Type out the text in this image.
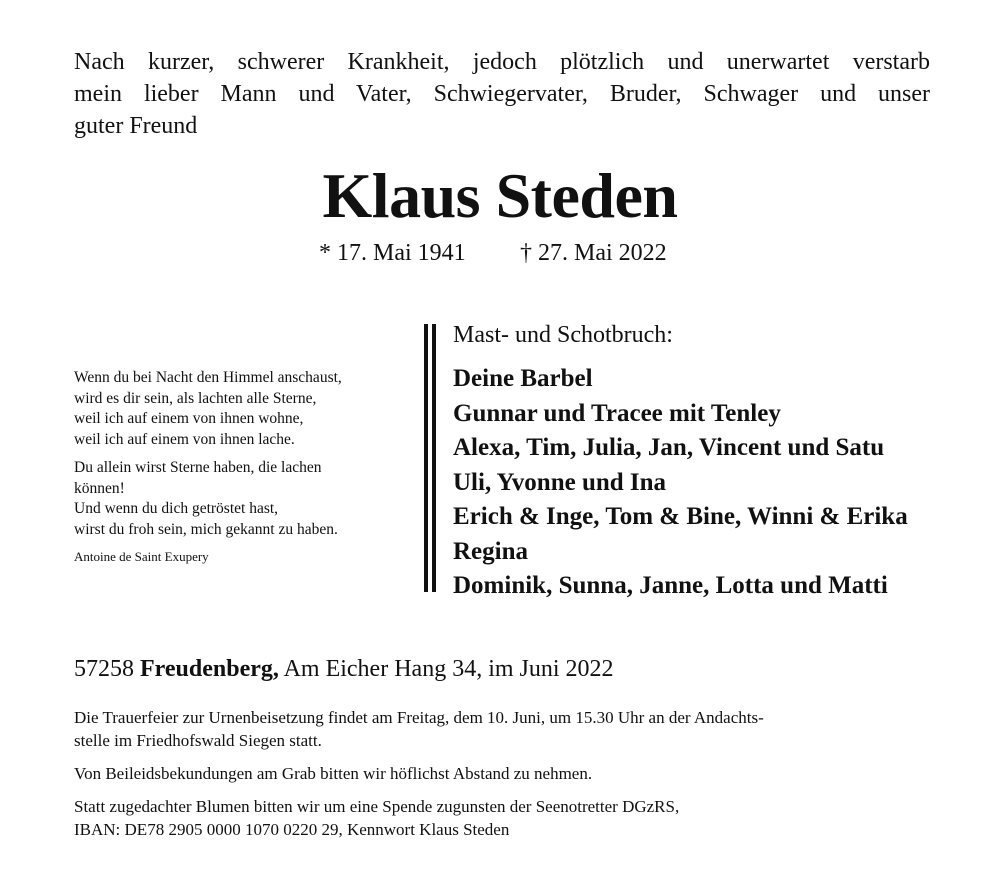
Nach kurzer, schwerer Krankheit, jedoch plötzlich und unerwartet verstarb
mein lieber Mann und Vater, Schwiegervater, Bruder, Schwager und unser
guter Freund
Klaus Steden
* 17. Mai 1941 † 27. Mai 2022
Wenn du bei Nacht den Himmel anschaust,
wird es dir sein, als lachten alle Sterne,
weil ich auf einem von ihnen wohne,
weil ich auf einem von ihnen lache.
Du allein wirst Sterne haben, die lachen
können!
Und wenn du dich getröstet hast,
wirst du froh sein, mich gekannt zu haben.
Antoine de Saint Exupery
Mast- und Schotbruch:
Deine Barbel
Gunnar und Tracee mit Tenley
Alexa, Tim, Julia, Jan, Vincent und Satu
Uli, Yvonne und Ina
Erich & Inge, Tom & Bine, Winni & Erika
Regina
Dominik, Sunna, Janne, Lotta und Matti
57258 Freudenberg, Am Eicher Hang 34, im Juni 2022
Die Trauerfeier zur Urnenbeisetzung findet am Freitag, dem 10. Juni, um 15.30 Uhr an der Andachts-
stelle im Friedhofswald Siegen statt.
Von Beileidsbekundungen am Grab bitten wir höflichst Abstand zu nehmen.
Statt zugedachter Blumen bitten wir um eine Spende zugunsten der Seenotretter DGzRS,
IBAN: DE78 2905 0000 1070 0220 29, Kennwort Klaus Steden
